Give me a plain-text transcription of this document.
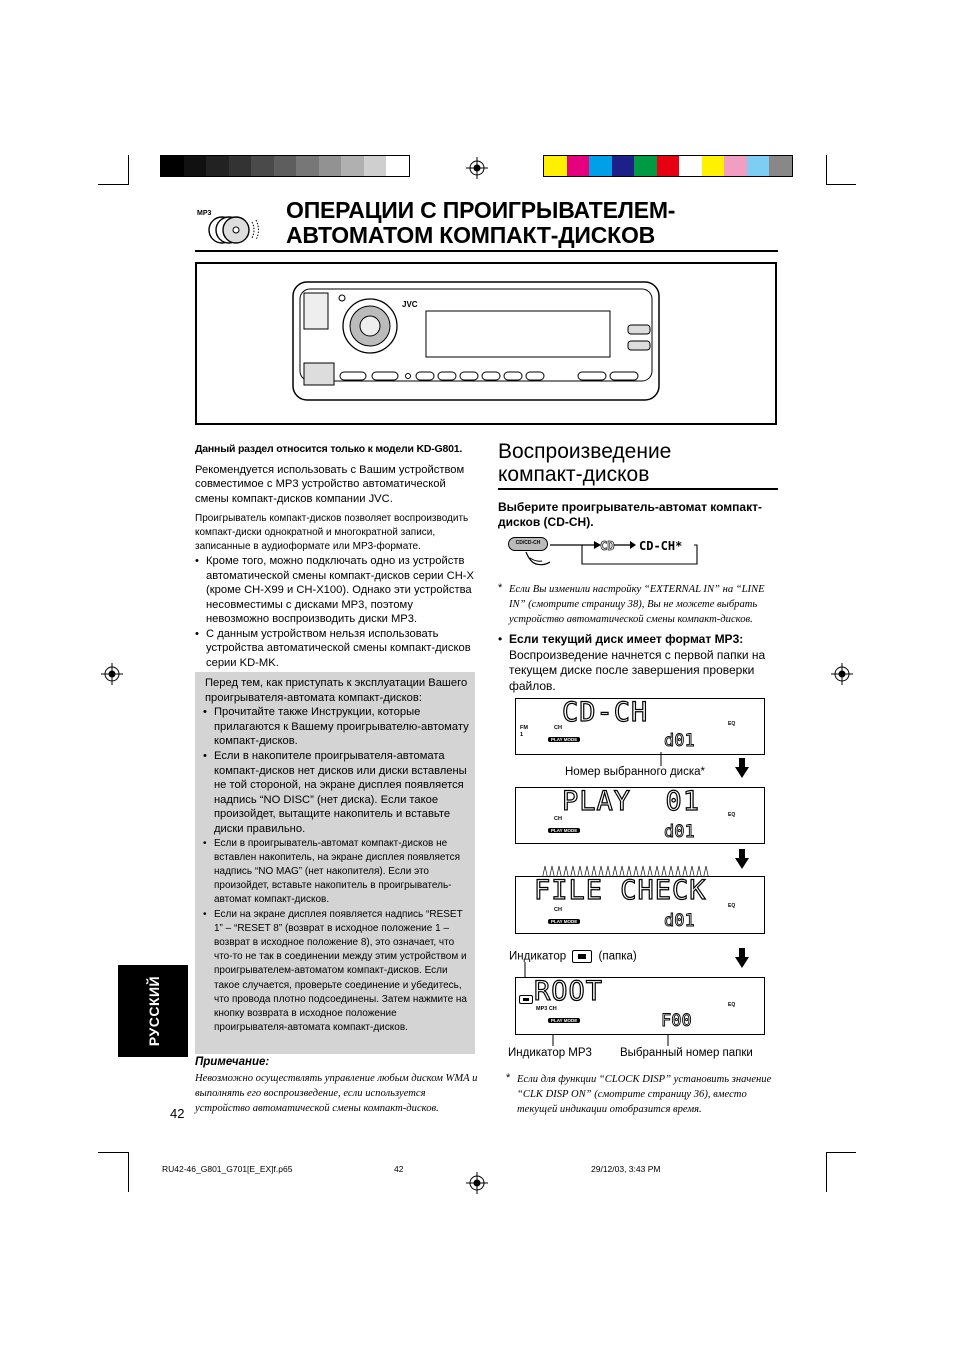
MP3	ОПЕРАЦИИ С ПРОИГРЫВАТЕЛЕМ-
АВТОМАТОМ КОМПАКТ-ДИСКОВ
JVC

Данный раздел относится только к модели KD-G801.

Рекомендуется использовать с Вашим устройством совместимое с MP3 устройство автоматической смены компакт-дисков компании JVC.

Проигрыватель компакт-дисков позволяет воспроизводить компакт-диски однократной и многократной записи, записанные в аудиоформате или MP3-формате.

• Кроме того, можно подключать одно из устройств автоматической смены компакт-дисков серии CH-X (кроме CH-X99 и CH-X100). Однако эти устройства несовместимы с дисками MP3, поэтому невозможно воспроизводить диски MP3.
• С данным устройством нельзя использовать устройства автоматической смены компакт-дисков серии KD-MK.

Перед тем, как приступать к эксплуатации Вашего проигрывателя-автомата компакт-дисков:

• Прочитайте также Инструкции, которые прилагаются к Вашему проигрывателю-автомату компакт-дисков.
• Если в накопителе проигрывателя-автомата компакт-дисков нет дисков или диски вставлены не той стороной, на экране дисплея появляется надпись “NO DISC” (нет диска). Если такое произойдет, вытащите накопитель и вставьте диски правильно.
• Если в проигрыватель-автомат компакт-дисков не вставлен накопитель, на экране дисплея появляется надпись “NO MAG” (нет накопителя). Если это произойдет, вставьте накопитель в проигрыватель-автомат компакт-дисков.
• Если на экране дисплея появляется надпись “RESET 1” – “RESET 8” (возврат в исходное положение 1 – возврат в исходное положение 8), это означает, что что-то не так в соединении между этим устройством и проигрывателем-автоматом компакт-дисков. Если такое случается, проверьте соединение и убедитесь, что провода плотно подсоединены. Затем нажмите на кнопку возврата в исходное положение проигрывателя-автомата компакт-дисков.
РУССКИЙ
Примечание:
Невозможно осуществлять управление любым диском WMA и выполнять его воспроизведение, если используется устройство автоматической смены компакт-дисков.
42
Воспроизведение
компакт-дисков
Выберите проигрыватель-автомат компакт-дисков (CD-CH).
CD/CD-CH	CD CD-CH*
* Если Вы изменили настройку “EXTERNAL IN” на “LINE IN” (смотрите страницу 38), Вы не можете выбрать устройство автоматической смены компакт-дисков.
• Если текущий диск имеет формат MP3:
Воспроизведение начнется с первой папки на текущем диске после завершения проверки файлов.
FM
1
CH
PLAY MODE
CD-CH
d01
EQ
Номер выбранного диска*
CH
PLAY MODE
PLAY  01
d01
EQ
CH
PLAY MODE
FILE CHECK
d01
EQ
Индикатор	(папка)
MP3 CH
PLAY MODE
ROOT
F00
EQ
Индикатор MP3 Выбранный номер папки
* Если для функции “CLOCK DISP” установить значение “CLK DISP ON” (смотрите страницу 36), вместо текущей индикации отобразится время.
RU42-46_G801_G701[E_EX]f.p65	42	29/12/03, 3:43 PM
